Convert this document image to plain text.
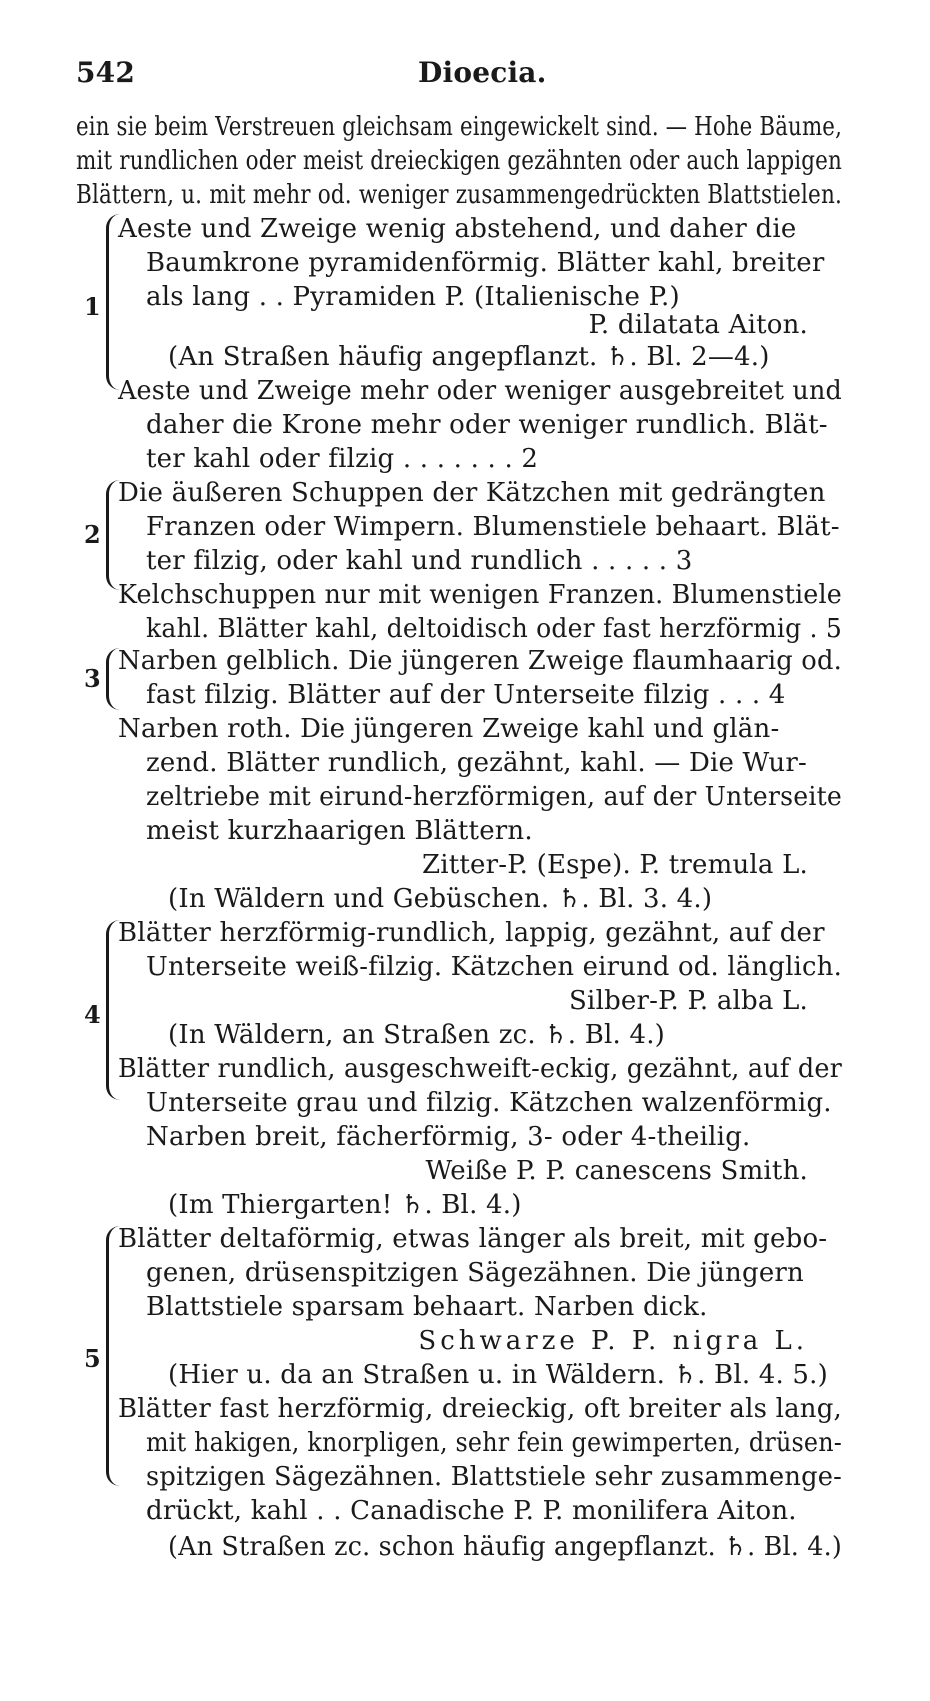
542	Dioecia.
ein sie beim Verstreuen gleichsam eingewickelt sind. — Hohe Bäume,
mit rundlichen oder meist dreieckigen gezähnten oder auch lappigen
Blättern, u. mit mehr od. weniger zusammengedrückten Blattstielen.
1
Aeste und Zweige wenig abstehend, und daher die
Baumkrone pyramidenförmig. Blätter kahl, breiter
als lang . . Pyramiden P. (Italienische P.)
P. dilatata Aiton.
(An Straßen häufig angepflanzt. ♄. Bl. 2—4.)
Aeste und Zweige mehr oder weniger ausgebreitet und
daher die Krone mehr oder weniger rundlich. Blät-
ter kahl oder filzig . . . . . . . 2
2
Die äußeren Schuppen der Kätzchen mit gedrängten
Franzen oder Wimpern. Blumenstiele behaart. Blät-
ter filzig, oder kahl und rundlich . . . . . 3
Kelchschuppen nur mit wenigen Franzen. Blumenstiele
kahl. Blätter kahl, deltoidisch oder fast herzförmig . 5
3
Narben gelblich. Die jüngeren Zweige flaumhaarig od.
fast filzig. Blätter auf der Unterseite filzig . . . 4
Narben roth. Die jüngeren Zweige kahl und glän-
zend. Blätter rundlich, gezähnt, kahl. — Die Wur-
zeltriebe mit eirund-herzförmigen, auf der Unterseite
meist kurzhaarigen Blättern.
Zitter-P. (Espe). P. tremula L.
(In Wäldern und Gebüschen. ♄. Bl. 3. 4.)
4
Blätter herzförmig-rundlich, lappig, gezähnt, auf der
Unterseite weiß-filzig. Kätzchen eirund od. länglich.
Silber-P. P. alba L.
(In Wäldern, an Straßen zc. ♄. Bl. 4.)
Blätter rundlich, ausgeschweift-eckig, gezähnt, auf der
Unterseite grau und filzig. Kätzchen walzenförmig.
Narben breit, fächerförmig, 3- oder 4-theilig.
Weiße P. P. canescens Smith.
(Im Thiergarten! ♄. Bl. 4.)
5
Blätter deltaförmig, etwas länger als breit, mit gebo-
genen, drüsenspitzigen Sägezähnen. Die jüngern
Blattstiele sparsam behaart. Narben dick.
Schwarze P. P. nigra L.
(Hier u. da an Straßen u. in Wäldern. ♄. Bl. 4. 5.)
Blätter fast herzförmig, dreieckig, oft breiter als lang,
mit hakigen, knorpligen, sehr fein gewimperten, drüsen-
spitzigen Sägezähnen. Blattstiele sehr zusammenge-
drückt, kahl . . Canadische P. P. monilifera Aiton.
(An Straßen zc. schon häufig angepflanzt. ♄. Bl. 4.)
